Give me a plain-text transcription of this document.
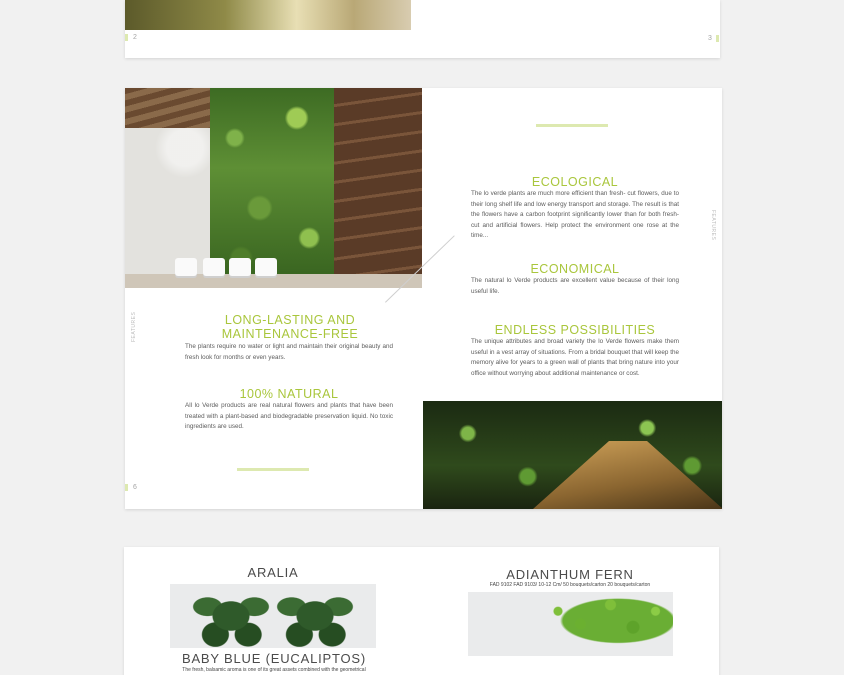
2	3
FEATURES
FEATURES
ECOLOGICAL
The lo verde plants are much more efficient than fresh- cut flowers, due to their long shelf life and low energy transport and storage. The result is that the flowers have a carbon footprint significantly lower than for both fresh-cut and artificial flowers. Help protect the environment one rose at the time...
ECONOMICAL
The natural lo Verde products are excellent value because of their long useful life.
ENDLESS POSSIBILITIES
The unique attributes and broad variety the lo Verde flowers make them useful in a vest array of situations. From a bridal bouquet that will keep the memory alive for years to a green wall of plants that bring nature into your office without worrying about additional maintenance or cost.
LONG-LASTING AND MAINTENANCE-FREE
The plants require no water or light and maintain their original beauty and fresh look for months or even years.
100% NATURAL
All lo Verde products are real natural flowers and plants that have been treated with a plant-based and biodegradable preservation liquid. No toxic ingredients are used.
6
ARALIA
BABY BLUE (EUCALIPTOS)
The fresh, balsamic aroma is one of its great assets combined with the geometrical
ADIANTHUM FERN
FAD 9102 FAD 9103/ 10-12 Cm/ 50 bouquets/carton 20 bouquets/carton
